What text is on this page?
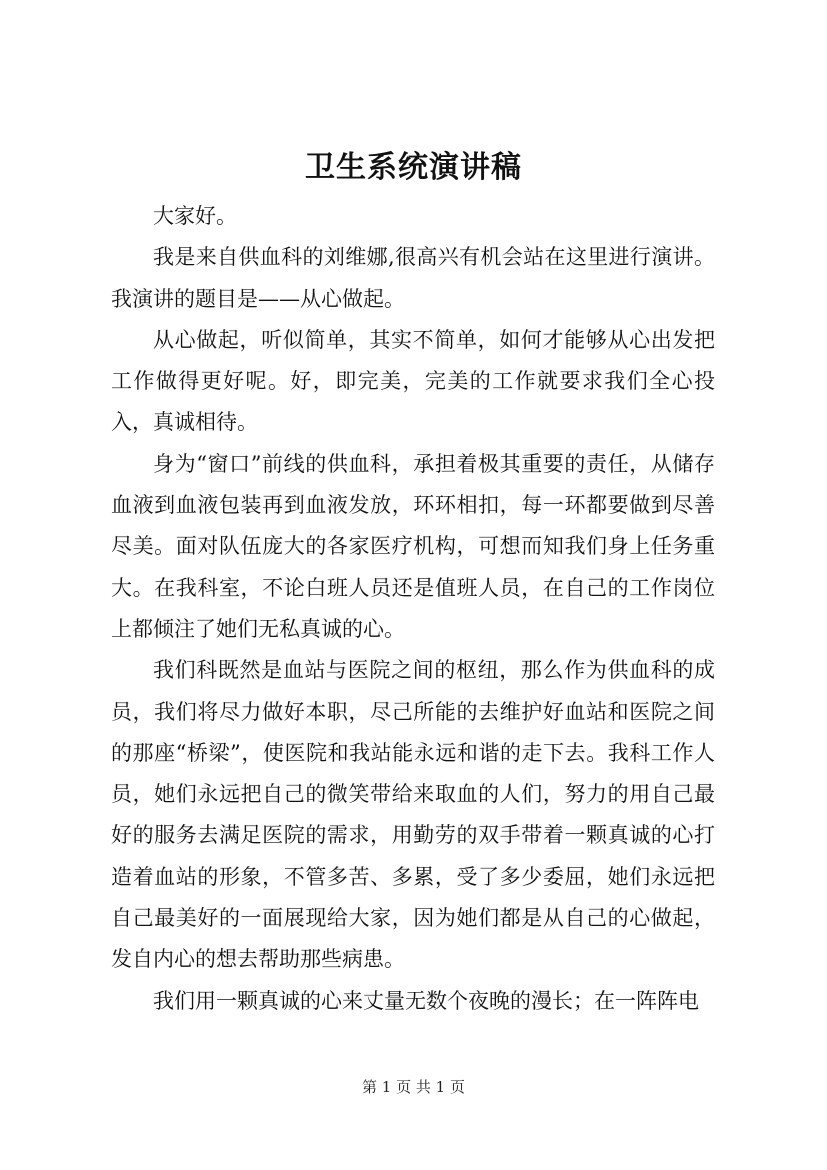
卫生系统演讲稿

大家好。

我是来自供血科的刘维娜,很高兴有机会站在这里进行演讲。我演讲的题目是——从心做起。

从心做起，听似简单，其实不简单，如何才能够从心出发把工作做得更好呢。好，即完美，完美的工作就要求我们全心投入，真诚相待。

身为“窗口”前线的供血科，承担着极其重要的责任，从储存血液到血液包装再到血液发放，环环相扣，每一环都要做到尽善尽美。面对队伍庞大的各家医疗机构，可想而知我们身上任务重大。在我科室，不论白班人员还是值班人员，在自己的工作岗位上都倾注了她们无私真诚的心。

我们科既然是血站与医院之间的枢纽，那么作为供血科的成员，我们将尽力做好本职，尽己所能的去维护好血站和医院之间的那座“桥梁”，使医院和我站能永远和谐的走下去。我科工作人员，她们永远把自己的微笑带给来取血的人们，努力的用自己最好的服务去满足医院的需求，用勤劳的双手带着一颗真诚的心打造着血站的形象，不管多苦、多累，受了多少委屈，她们永远把自己最美好的一面展现给大家，因为她们都是从自己的心做起，发自内心的想去帮助那些病患。

我们用一颗真诚的心来丈量无数个夜晚的漫长；在一阵阵电

第 1 页 共 1 页
